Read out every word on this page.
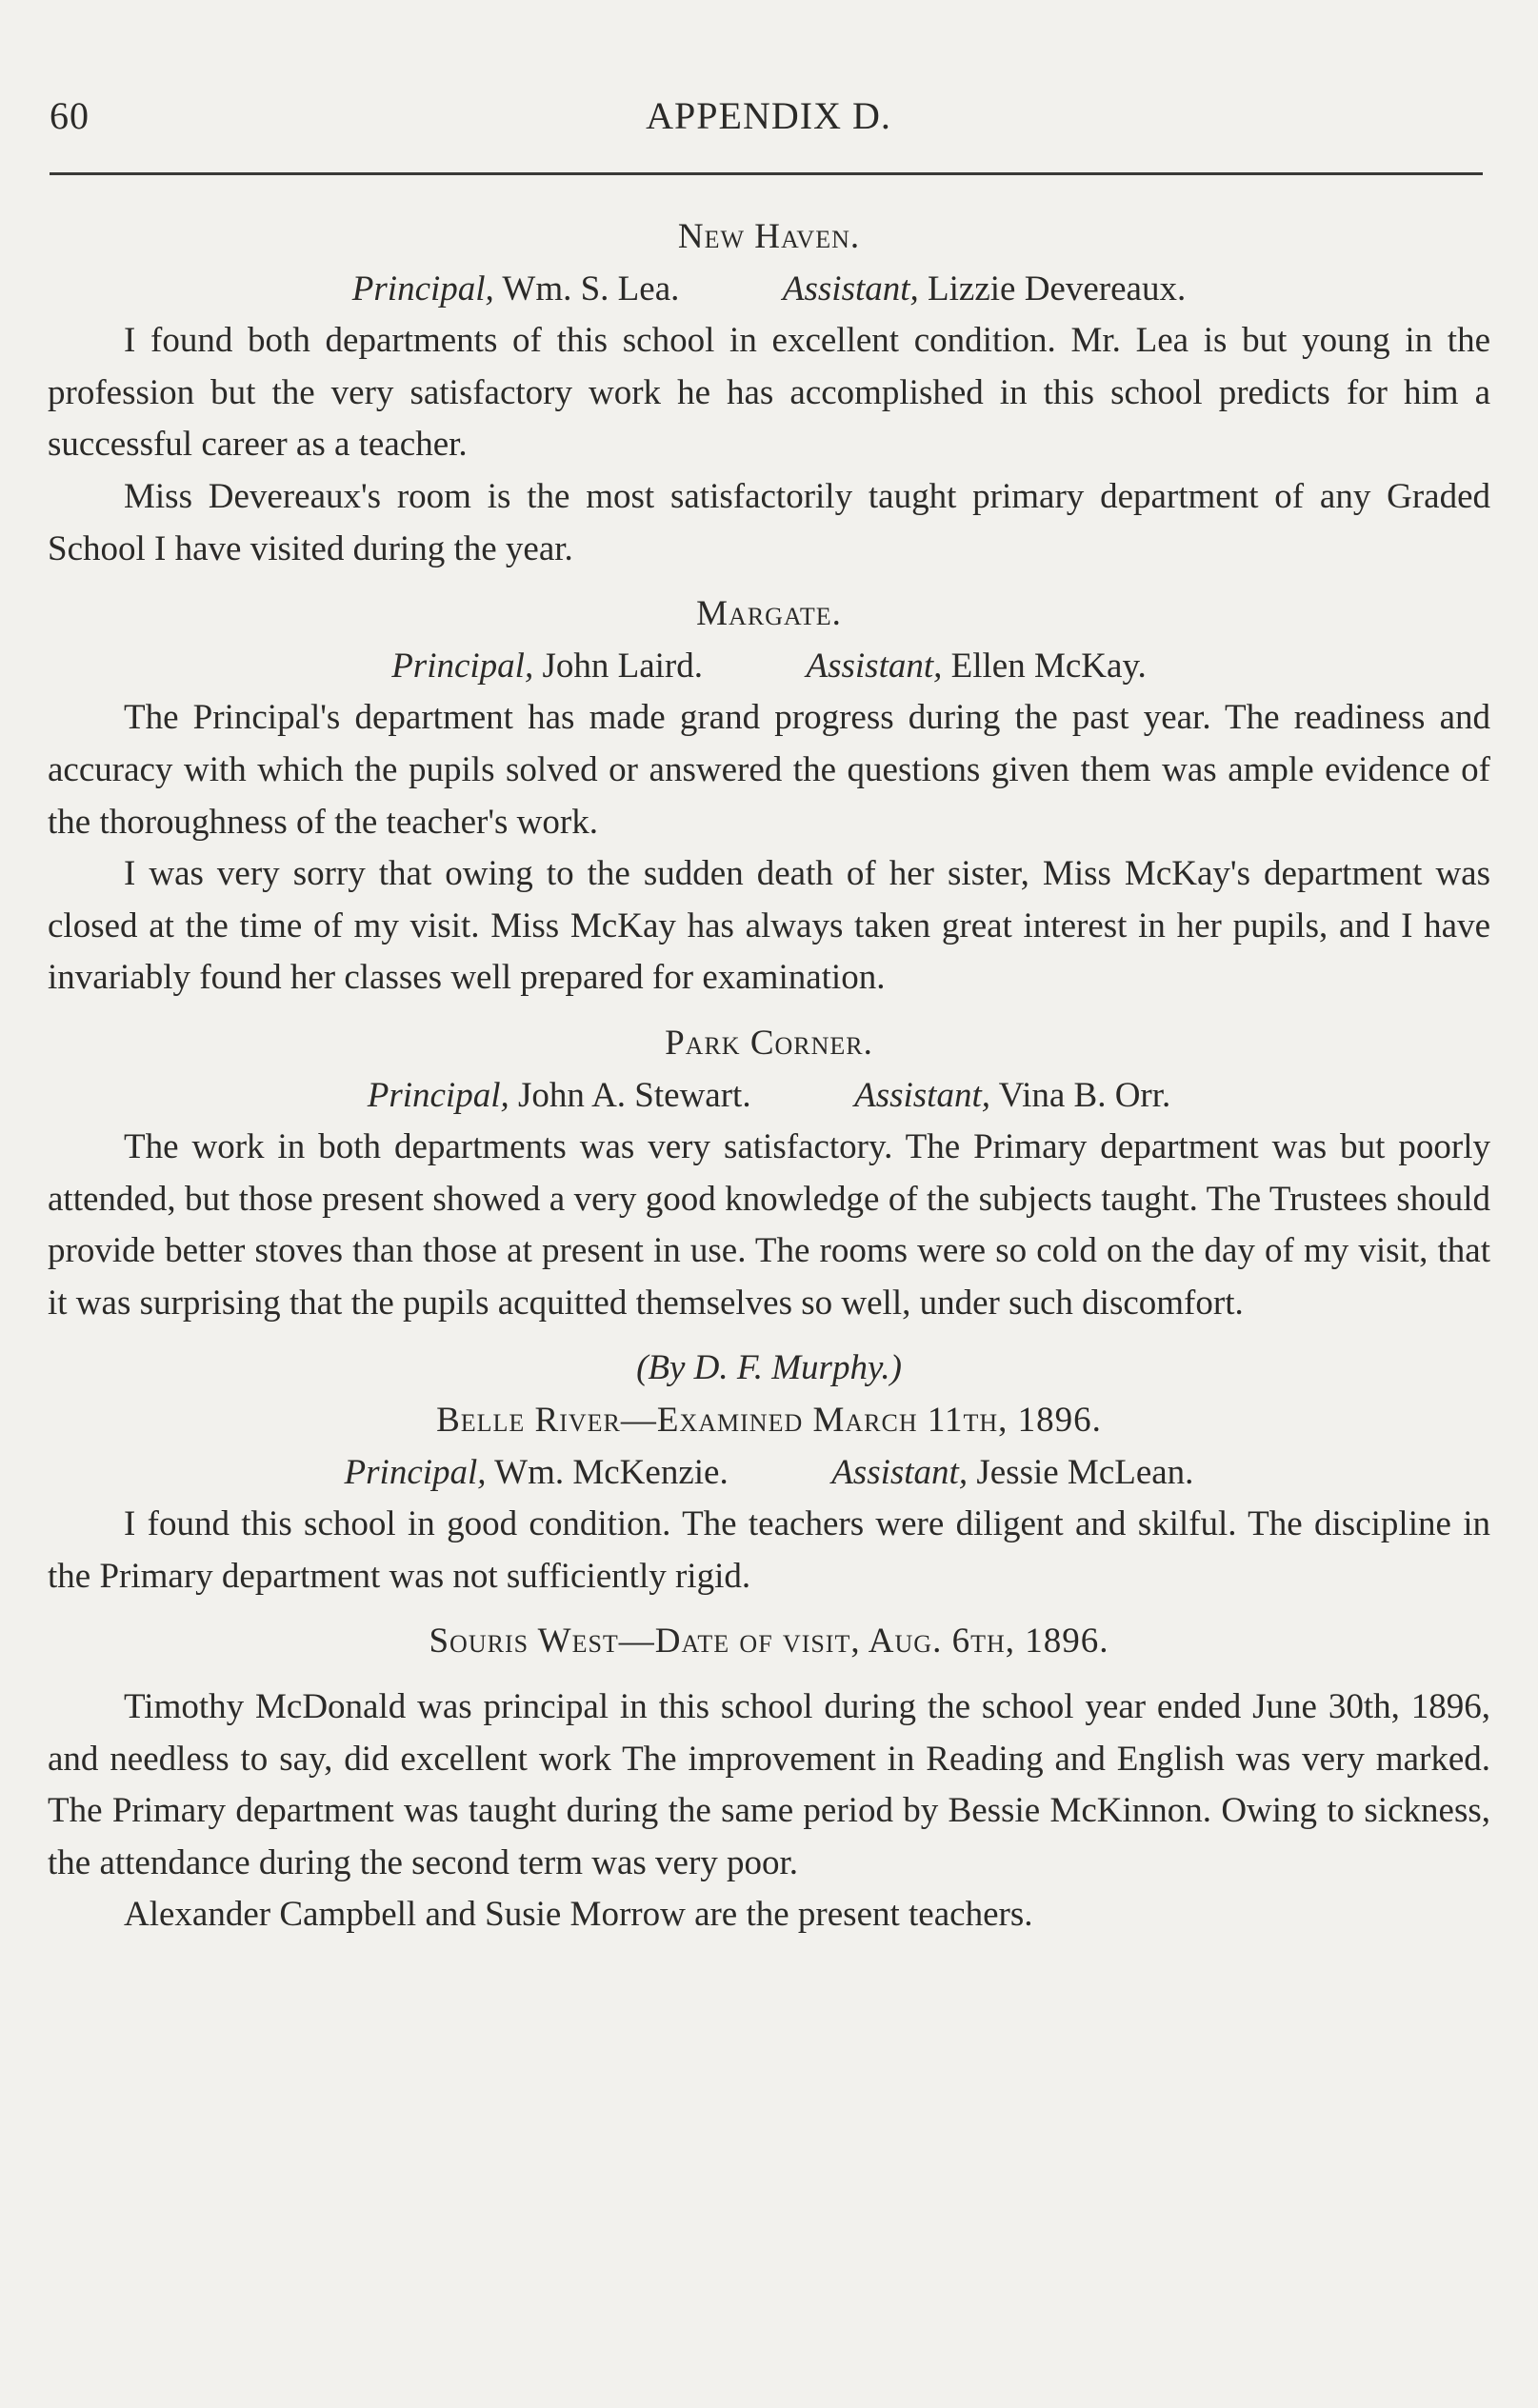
60	APPENDIX D.
New Haven.
Principal, Wm. S. Lea.	Assistant, Lizzie Devereaux.

I found both departments of this school in excellent condition. Mr. Lea is but young in the profession but the very satisfactory work he has accomplished in this school predicts for him a successful career as a teacher.

Miss Devereaux's room is the most satisfactorily taught primary department of any Graded School I have visited during the year.

Margate.
Principal, John Laird.	Assistant, Ellen McKay.

The Principal's department has made grand progress during the past year. The readiness and accuracy with which the pupils solved or answered the questions given them was ample evidence of the thoroughness of the teacher's work.

I was very sorry that owing to the sudden death of her sister, Miss McKay's department was closed at the time of my visit. Miss McKay has always taken great interest in her pupils, and I have invariably found her classes well prepared for examination.

Park Corner.
Principal, John A. Stewart.	Assistant, Vina B. Orr.

The work in both departments was very satisfactory. The Primary department was but poorly attended, but those present showed a very good knowledge of the subjects taught. The Trustees should provide better stoves than those at present in use. The rooms were so cold on the day of my visit, that it was surprising that the pupils acquitted themselves so well, under such discomfort.

(By D. F. Murphy.)
Belle River—Examined March 11th, 1896.
Principal, Wm. McKenzie.	Assistant, Jessie McLean.

I found this school in good condition. The teachers were diligent and skilful. The discipline in the Primary department was not sufficiently rigid.

Souris West—Date of visit, Aug. 6th, 1896.

Timothy McDonald was principal in this school during the school year ended June 30th, 1896, and needless to say, did excellent work The improvement in Reading and English was very marked. The Primary department was taught during the same period by Bessie McKinnon. Owing to sickness, the attendance during the second term was very poor.

Alexander Campbell and Susie Morrow are the present teachers.
